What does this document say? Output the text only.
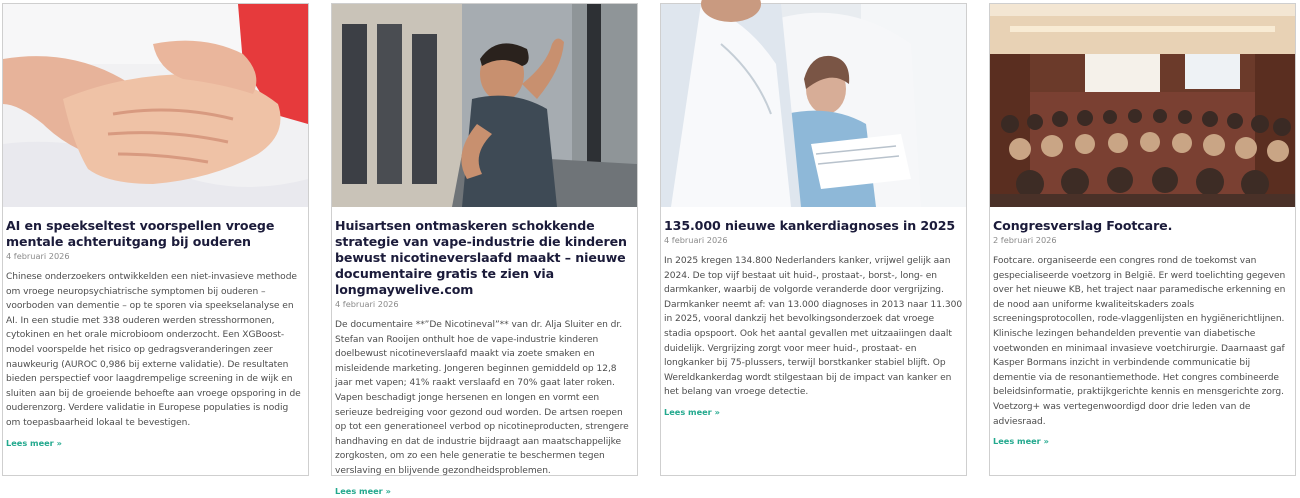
AI en speekseltest voorspellen vroege mentale achteruitgang bij ouderen
4 februari 2026

Chinese onderzoekers ontwikkelden een niet-invasieve methode om vroege neuropsychiatrische symptomen bij ouderen – voorboden van dementie – op te sporen via speekselanalyse en AI. In een studie met 338 ouderen werden stresshormonen, cytokinen en het orale microbioom onderzocht. Een XGBoost-model voorspelde het risico op gedragsveranderingen zeer nauwkeurig (AUROC 0,986 bij externe validatie). De resultaten bieden perspectief voor laagdrempelige screening in de wijk en sluiten aan bij de groeiende behoefte aan vroege opsporing in de ouderenzorg. Verdere validatie in Europese populaties is nodig om toepasbaarheid lokaal te bevestigen.

Lees meer »
Huisartsen ontmaskeren schokkende strategie van vape-industrie die kinderen bewust nicotineverslaafd maakt – nieuwe documentaire gratis te zien via longmaywelive.com
4 februari 2026

De documentaire **”De Nicotineval”** van dr. Alja Sluiter en dr. Stefan van Rooijen onthult hoe de vape-industrie kinderen doelbewust nicotineverslaafd maakt via zoete smaken en misleidende marketing. Jongeren beginnen gemiddeld op 12,8 jaar met vapen; 41% raakt verslaafd en 70% gaat later roken. Vapen beschadigt jonge hersenen en longen en vormt een serieuze bedreiging voor gezond oud worden. De artsen roepen op tot een generationeel verbod op nicotineproducten, strengere handhaving en dat de industrie bijdraagt aan maatschappelijke zorgkosten, om zo een hele generatie te beschermen tegen verslaving en blijvende gezondheidsproblemen.

Lees meer »
135.000 nieuwe kankerdiagnoses in 2025
4 februari 2026

In 2025 kregen 134.800 Nederlanders kanker, vrijwel gelijk aan 2024. De top vijf bestaat uit huid-, prostaat-, borst-, long- en darmkanker, waarbij de volgorde veranderde door vergrijzing. Darmkanker neemt af: van 13.000 diagnoses in 2013 naar 11.300 in 2025, vooral dankzij het bevolkingsonderzoek dat vroege stadia opspoort. Ook het aantal gevallen met uitzaaiingen daalt duidelijk. Vergrijzing zorgt voor meer huid-, prostaat- en longkanker bij 75-plussers, terwijl borstkanker stabiel blijft. Op Wereldkankerdag wordt stilgestaan bij de impact van kanker en het belang van vroege detectie.

Lees meer »
Congresverslag Footcare.
2 februari 2026

Footcare. organiseerde een congres rond de toekomst van gespecialiseerde voetzorg in België. Er werd toelichting gegeven over het nieuwe KB, het traject naar paramedische erkenning en de nood aan uniforme kwaliteitskaders zoals screeningsprotocollen, rode-vlaggenlijsten en hygiënerichtlijnen. Klinische lezingen behandelden preventie van diabetische voetwonden en minimaal invasieve voetchirurgie. Daarnaast gaf Kasper Bormans inzicht in verbindende communicatie bij dementie via de resonantiemethode. Het congres combineerde beleidsinformatie, praktijkgerichte kennis en mensgerichte zorg. Voetzorg+ was vertegenwoordigd door drie leden van de adviesraad.

Lees meer »
